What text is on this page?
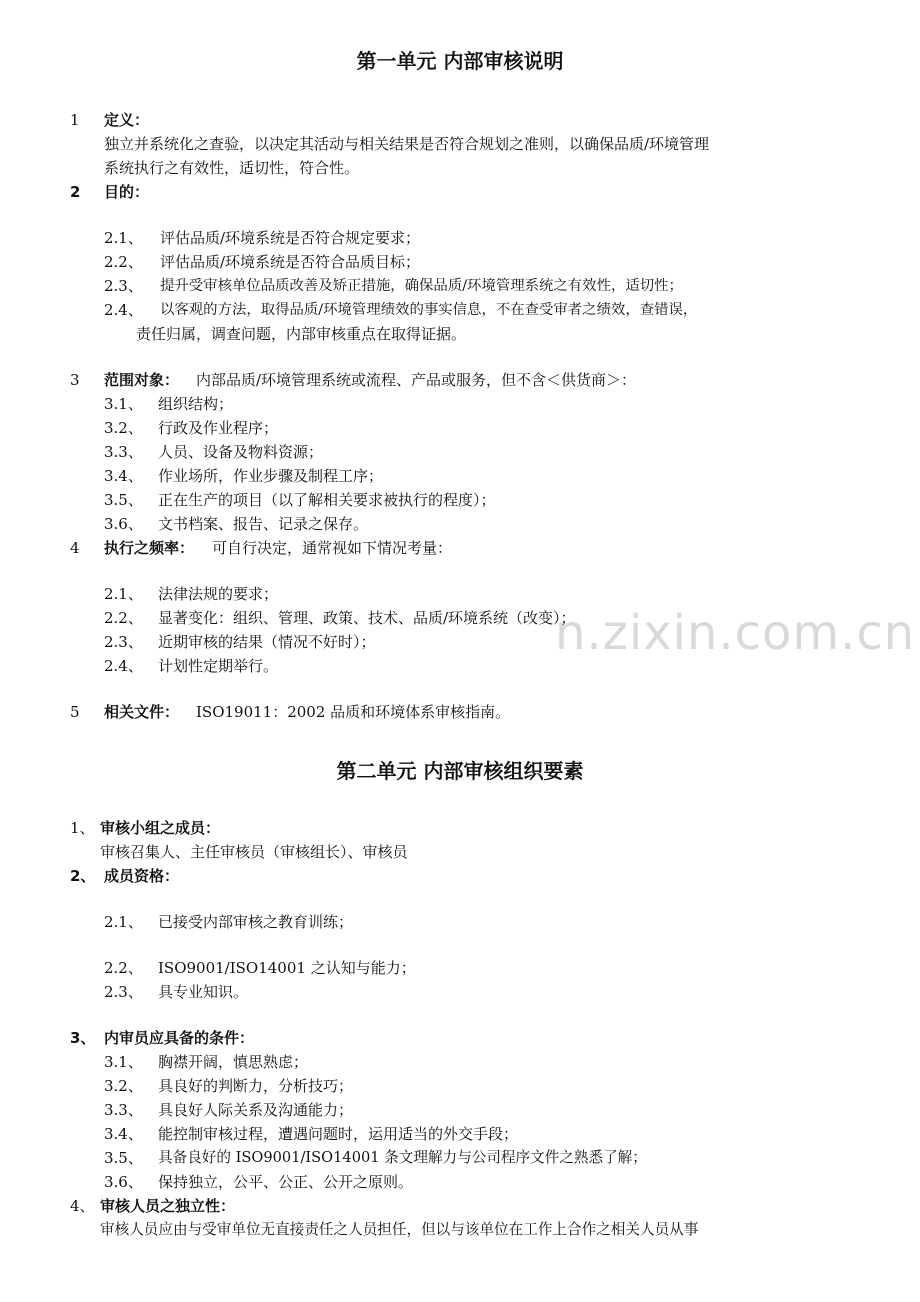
n.zixin.com.cn
第一单元 内部审核说明
1 定义：
独立并系统化之查验，以决定其活动与相关结果是否符合规划之准则，以确保品质/环境管理
系统执行之有效性，适切性，符合性。
2 目的：
2.1、 评估品质/环境系统是否符合规定要求；
2.2、 评估品质/环境系统是否符合品质目标；
2.3、 提升受审核单位品质改善及矫正措施，确保品质/环境管理系统之有效性，适切性；
2.4、 以客观的方法，取得品质/环境管理绩效的事实信息，不在查受审者之绩效，查错误，
责任归属，调查问题，内部审核重点在取得证据。
3 范围对象： 内部品质/环境管理系统或流程、产品或服务，但不含＜供货商＞：
3.1、 组织结构；
3.2、 行政及作业程序；
3.3、 人员、设备及物料资源；
3.4、 作业场所，作业步骤及制程工序；
3.5、 正在生产的项目（以了解相关要求被执行的程度）；
3.6、 文书档案、报告、记录之保存。
4 执行之频率： 可自行决定，通常视如下情况考量：
2.1、 法律法规的要求；
2.2、 显著变化：组织、管理、政策、技术、品质/环境系统（改变）；
2.3、 近期审核的结果（情况不好时）；
2.4、 计划性定期举行。
5 相关文件： ISO19011：2002 品质和环境体系审核指南。
第二单元 内部审核组织要素
1、 审核小组之成员：
审核召集人、主任审核员（审核组长）、审核员
2、 成员资格：
2.1、 已接受内部审核之教育训练；
2.2、 ISO9001/ISO14001 之认知与能力；
2.3、 具专业知识。
3、 内审员应具备的条件：
3.1、 胸襟开阔，慎思熟虑；
3.2、 具良好的判断力，分析技巧；
3.3、 具良好人际关系及沟通能力；
3.4、 能控制审核过程，遭遇问题时，运用适当的外交手段；
3.5、 具备良好的 ISO9001/ISO14001 条文理解力与公司程序文件之熟悉了解；
3.6、 保持独立，公平、公正、公开之原则。
4、 审核人员之独立性：
审核人员应由与受审单位无直接责任之人员担任，但以与该单位在工作上合作之相关人员从事
